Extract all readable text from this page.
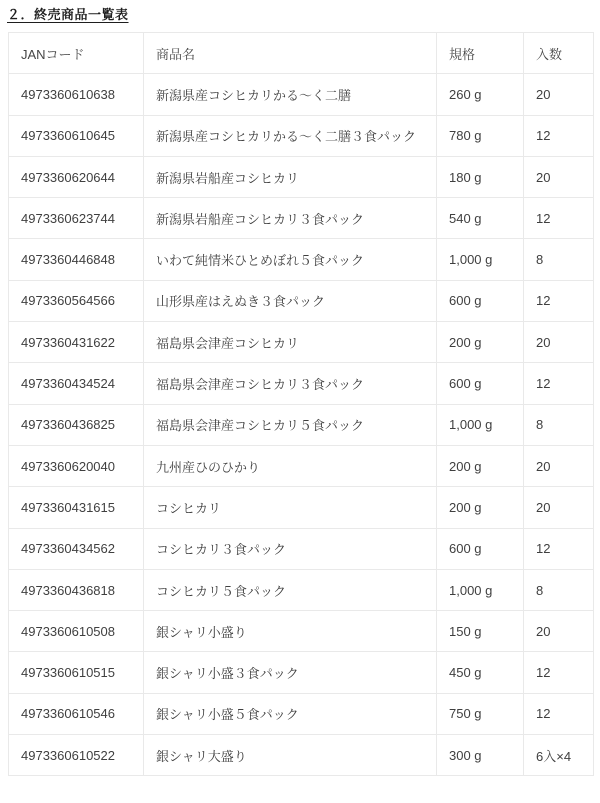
２．終売商品一覧表
JANコード	商品名	規格	入数
4973360610638	新潟県産コシヒカリかる～く二膳	260 g	20
4973360610645	新潟県産コシヒカリかる～く二膳３食パック	780 g	12
4973360620644	新潟県岩船産コシヒカリ	180 g	20
4973360623744	新潟県岩船産コシヒカリ３食パック	540 g	12
4973360446848	いわて純情米ひとめぼれ５食パック	1,000 g	8
4973360564566	山形県産はえぬき３食パック	600 g	12
4973360431622	福島県会津産コシヒカリ	200 g	20
4973360434524	福島県会津産コシヒカリ３食パック	600 g	12
4973360436825	福島県会津産コシヒカリ５食パック	1,000 g	8
4973360620040	九州産ひのひかり	200 g	20
4973360431615	コシヒカリ	200 g	20
4973360434562	コシヒカリ３食パック	600 g	12
4973360436818	コシヒカリ５食パック	1,000 g	8
4973360610508	銀シャリ小盛り	150 g	20
4973360610515	銀シャリ小盛３食パック	450 g	12
4973360610546	銀シャリ小盛５食パック	750 g	12
4973360610522	銀シャリ大盛り	300 g	6入×4
